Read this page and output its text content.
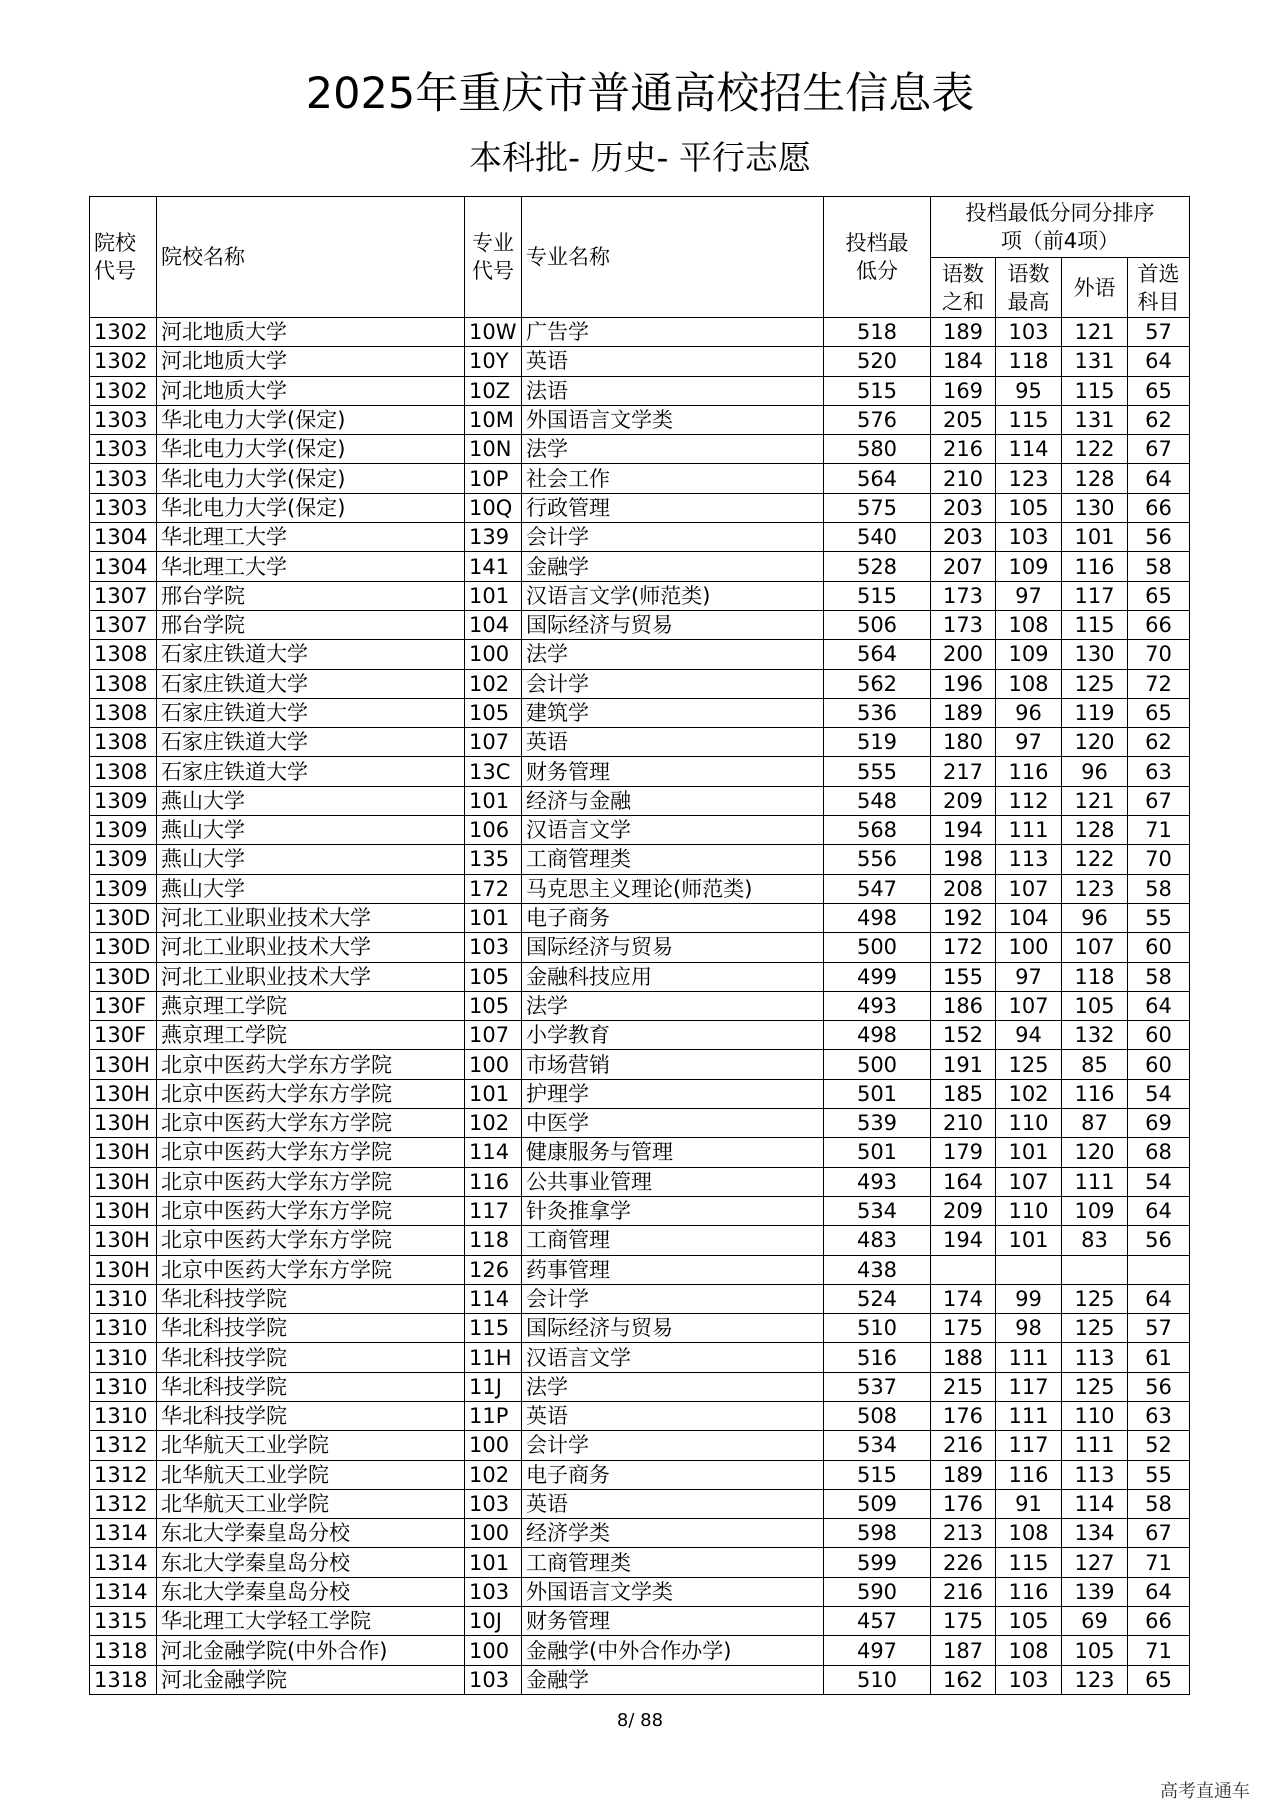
2025年重庆市普通高校招生信息表
本科批- 历史- 平行志愿
院校代号	院校名称	专业代号	专业名称	投档最低分	投档最低分同分排序项（前4项）			
					语数之和	语数最高	外语	首选科目
1302	河北地质大学	10W	广告学	518	189	103	121	57
1302	河北地质大学	10Y	英语	520	184	118	131	64
1302	河北地质大学	10Z	法语	515	169	95	115	65
1303	华北电力大学(保定)	10M	外国语言文学类	576	205	115	131	62
1303	华北电力大学(保定)	10N	法学	580	216	114	122	67
1303	华北电力大学(保定)	10P	社会工作	564	210	123	128	64
1303	华北电力大学(保定)	10Q	行政管理	575	203	105	130	66
1304	华北理工大学	139	会计学	540	203	103	101	56
1304	华北理工大学	141	金融学	528	207	109	116	58
1307	邢台学院	101	汉语言文学(师范类)	515	173	97	117	65
1307	邢台学院	104	国际经济与贸易	506	173	108	115	66
1308	石家庄铁道大学	100	法学	564	200	109	130	70
1308	石家庄铁道大学	102	会计学	562	196	108	125	72
1308	石家庄铁道大学	105	建筑学	536	189	96	119	65
1308	石家庄铁道大学	107	英语	519	180	97	120	62
1308	石家庄铁道大学	13C	财务管理	555	217	116	96	63
1309	燕山大学	101	经济与金融	548	209	112	121	67
1309	燕山大学	106	汉语言文学	568	194	111	128	71
1309	燕山大学	135	工商管理类	556	198	113	122	70
1309	燕山大学	172	马克思主义理论(师范类)	547	208	107	123	58
130D	河北工业职业技术大学	101	电子商务	498	192	104	96	55
130D	河北工业职业技术大学	103	国际经济与贸易	500	172	100	107	60
130D	河北工业职业技术大学	105	金融科技应用	499	155	97	118	58
130F	燕京理工学院	105	法学	493	186	107	105	64
130F	燕京理工学院	107	小学教育	498	152	94	132	60
130H	北京中医药大学东方学院	100	市场营销	500	191	125	85	60
130H	北京中医药大学东方学院	101	护理学	501	185	102	116	54
130H	北京中医药大学东方学院	102	中医学	539	210	110	87	69
130H	北京中医药大学东方学院	114	健康服务与管理	501	179	101	120	68
130H	北京中医药大学东方学院	116	公共事业管理	493	164	107	111	54
130H	北京中医药大学东方学院	117	针灸推拿学	534	209	110	109	64
130H	北京中医药大学东方学院	118	工商管理	483	194	101	83	56
130H	北京中医药大学东方学院	126	药事管理	438				
1310	华北科技学院	114	会计学	524	174	99	125	64
1310	华北科技学院	115	国际经济与贸易	510	175	98	125	57
1310	华北科技学院	11H	汉语言文学	516	188	111	113	61
1310	华北科技学院	11J	法学	537	215	117	125	56
1310	华北科技学院	11P	英语	508	176	111	110	63
1312	北华航天工业学院	100	会计学	534	216	117	111	52
1312	北华航天工业学院	102	电子商务	515	189	116	113	55
1312	北华航天工业学院	103	英语	509	176	91	114	58
1314	东北大学秦皇岛分校	100	经济学类	598	213	108	134	67
1314	东北大学秦皇岛分校	101	工商管理类	599	226	115	127	71
1314	东北大学秦皇岛分校	103	外国语言文学类	590	216	116	139	64
1315	华北理工大学轻工学院	10J	财务管理	457	175	105	69	66
1318	河北金融学院(中外合作)	100	金融学(中外合作办学)	497	187	108	105	71
1318	河北金融学院	103	金融学	510	162	103	123	65
8/ 88
高考直通车
